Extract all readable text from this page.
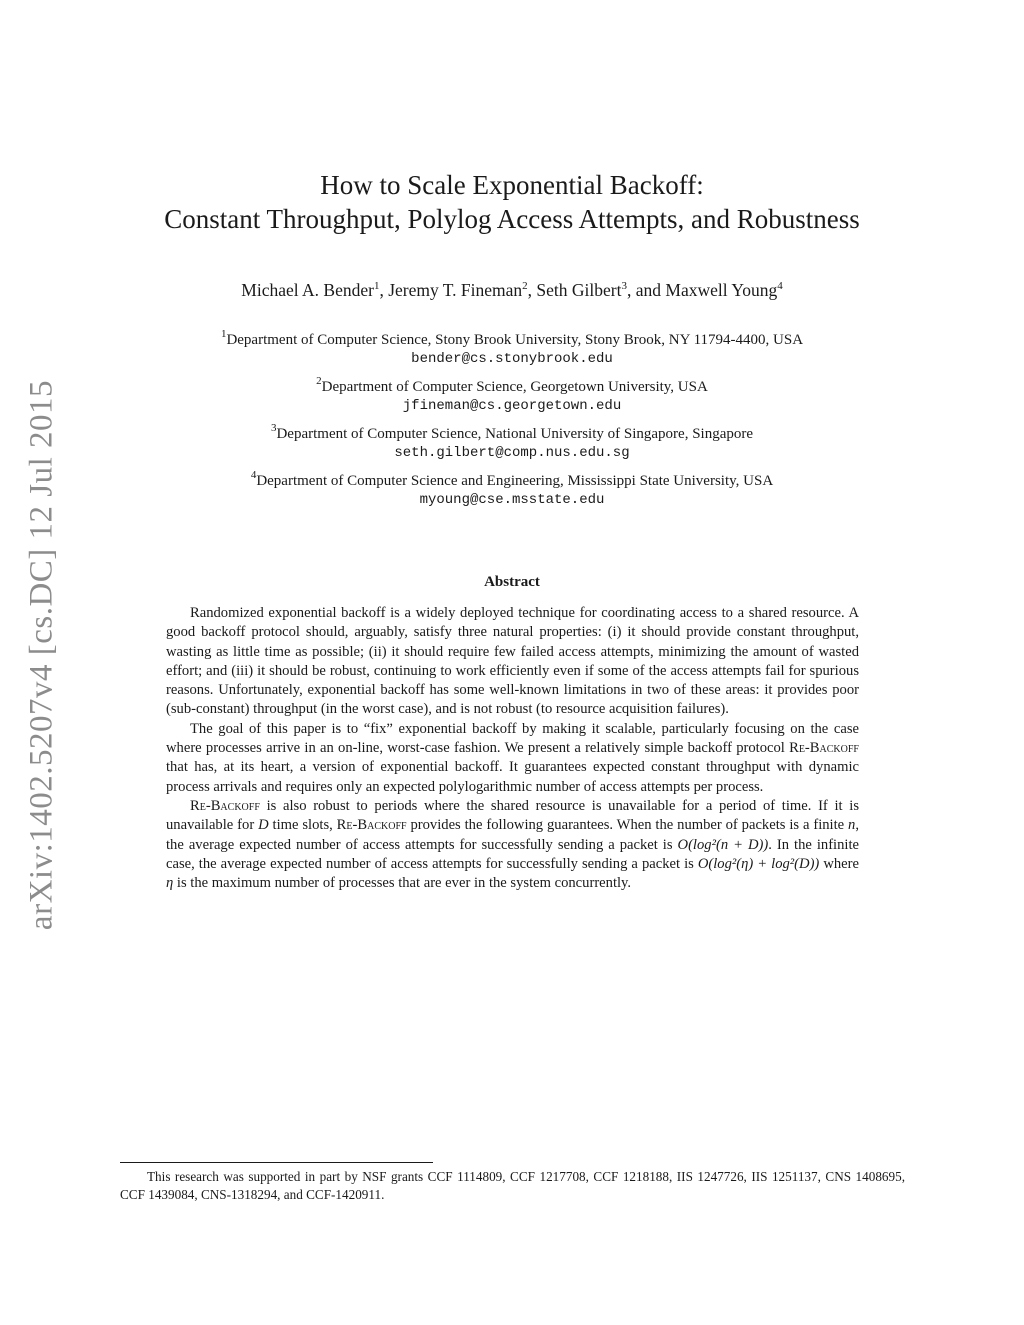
arXiv:1402.5207v4 [cs.DC] 12 Jul 2015
How to Scale Exponential Backoff:
Constant Throughput, Polylog Access Attempts, and Robustness
Michael A. Bender$^1$, Jeremy T. Fineman$^2$, Seth Gilbert$^3$, and Maxwell Young$^4$
$^1$Department of Computer Science, Stony Brook University, Stony Brook, NY 11794-4400, USA
bender@cs.stonybrook.edu
$^2$Department of Computer Science, Georgetown University, USA
jfineman@cs.georgetown.edu
$^3$Department of Computer Science, National University of Singapore, Singapore
seth.gilbert@comp.nus.edu.sg
$^4$Department of Computer Science and Engineering, Mississippi State University, USA
myoung@cse.msstate.edu
Abstract

Randomized exponential backoff is a widely deployed technique for coordinating access to a shared resource. A good backoff protocol should, arguably, satisfy three natural properties: (i) it should provide constant throughput, wasting as little time as possible; (ii) it should require few failed access attempts, minimizing the amount of wasted effort; and (iii) it should be robust, continuing to work efficiently even if some of the access attempts fail for spurious reasons. Unfortunately, exponential backoff has some well-known limitations in two of these areas: it provides poor (sub-constant) throughput (in the worst case), and is not robust (to resource acquisition failures).

The goal of this paper is to “fix” exponential backoff by making it scalable, particularly focusing on the case where processes arrive in an on-line, worst-case fashion. We present a relatively simple backoff protocol Re-Backoff that has, at its heart, a version of exponential backoff. It guarantees expected constant throughput with dynamic process arrivals and requires only an expected polylogarithmic number of access attempts per process.

Re-Backoff is also robust to periods where the shared resource is unavailable for a period of time. If it is unavailable for D time slots, Re-Backoff provides the following guarantees. When the number of packets is a finite n, the average expected number of access attempts for successfully sending a packet is O(log²(n + D)). In the infinite case, the average expected number of access attempts for successfully sending a packet is O(log²(η) + log²(D)) where η is the maximum number of processes that are ever in the system concurrently.

This research was supported in part by NSF grants CCF 1114809, CCF 1217708, CCF 1218188, IIS 1247726, IIS 1251137, CNS 1408695, CCF 1439084, CNS-1318294, and CCF-1420911.
